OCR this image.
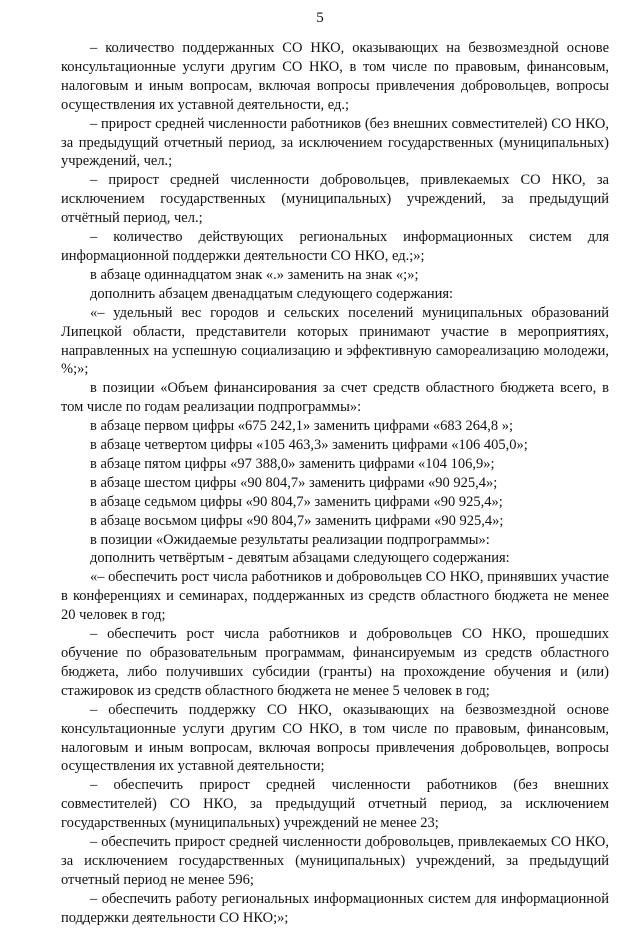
5

– количество поддержанных СО НКО, оказывающих на безвозмездной основе консультационные услуги другим СО НКО, в том числе по правовым, финансовым, налоговым и иным вопросам, включая вопросы привлечения добровольцев, вопросы осуществления их уставной деятельности, ед.;

– прирост средней численности работников (без внешних совместителей) СО НКО, за предыдущий отчетный период, за исключением государственных (муниципальных) учреждений, чел.;

– прирост средней численности добровольцев, привлекаемых СО НКО, за исключением государственных (муниципальных) учреждений, за предыдущий отчётный период, чел.;

– количество действующих региональных информационных систем для информационной поддержки деятельности СО НКО, ед.;»;

в абзаце одиннадцатом знак «.» заменить на знак «;»;

дополнить абзацем двенадцатым следующего содержания:

«– удельный вес городов и сельских поселений муниципальных образований Липецкой области, представители которых принимают участие в мероприятиях, направленных на успешную социализацию и эффективную самореализацию молодежи, %;»;

в позиции «Объем финансирования за счет средств областного бюджета всего, в том числе по годам реализации подпрограммы»:

в абзаце первом цифры «675 242,1» заменить цифрами «683 264,8 »;

в абзаце четвертом цифры «105 463,3» заменить цифрами «106 405,0»;

в абзаце пятом цифры «97 388,0» заменить цифрами «104 106,9»;

в абзаце шестом цифры «90 804,7» заменить цифрами «90 925,4»;

в абзаце седьмом цифры «90 804,7» заменить цифрами «90 925,4»;

в абзаце восьмом цифры «90 804,7» заменить цифрами «90 925,4»;

в позиции «Ожидаемые результаты реализации подпрограммы»:

дополнить четвёртым - девятым абзацами следующего содержания:

«– обеспечить рост числа работников и добровольцев СО НКО, принявших участие в конференциях и семинарах, поддержанных из средств областного бюджета не менее 20 человек в год;

– обеспечить рост числа работников и добровольцев СО НКО, прошедших обучение по образовательным программам, финансируемым из средств областного бюджета, либо получивших субсидии (гранты) на прохождение обучения и (или) стажировок из средств областного бюджета не менее 5 человек в год;

– обеспечить поддержку СО НКО, оказывающих на безвозмездной основе консультационные услуги другим СО НКО, в том числе по правовым, финансовым, налоговым и иным вопросам, включая вопросы привлечения добровольцев, вопросы осуществления их уставной деятельности;

– обеспечить прирост средней численности работников (без внешних совместителей) СО НКО, за предыдущий отчетный период, за исключением государственных (муниципальных) учреждений не менее 23;

– обеспечить прирост средней численности добровольцев, привлекаемых СО НКО, за исключением государственных (муниципальных) учреждений, за предыдущий отчетный период не менее 596;

– обеспечить работу региональных информационных систем для информационной поддержки деятельности СО НКО;»;
